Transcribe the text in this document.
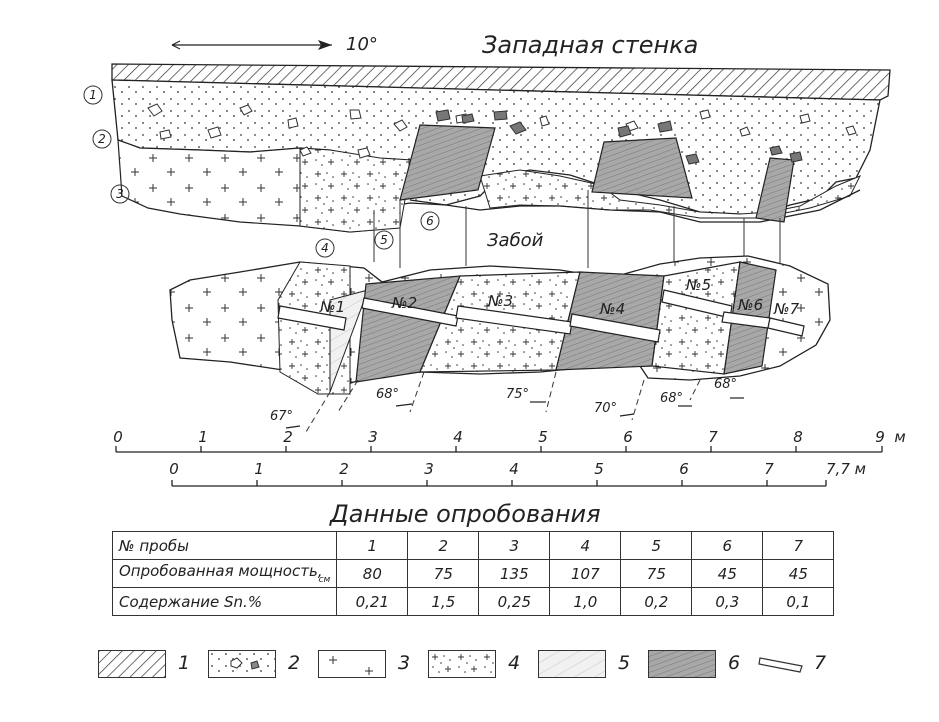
10°	Западная стенка
1
2
3
4
5
6
Забой
№1	№2	№3	№4
№5
№6 №7
67°
68°	75°
70°
68°
68°
0	1	2	3	4	5	6	7	8	9 м
0	1	2	3	4	5	6	7	7,7 м
Данные опробования
№ пробы	1	2	3	4	5	6	7
Опробованная $мощность,_{см}$	80	75	135	107	75	45	45
Содержание Sn.%	0,21	1,5	0,25	1,0	0,2	0,3	0,1
1	2	3	4	5	6	7
